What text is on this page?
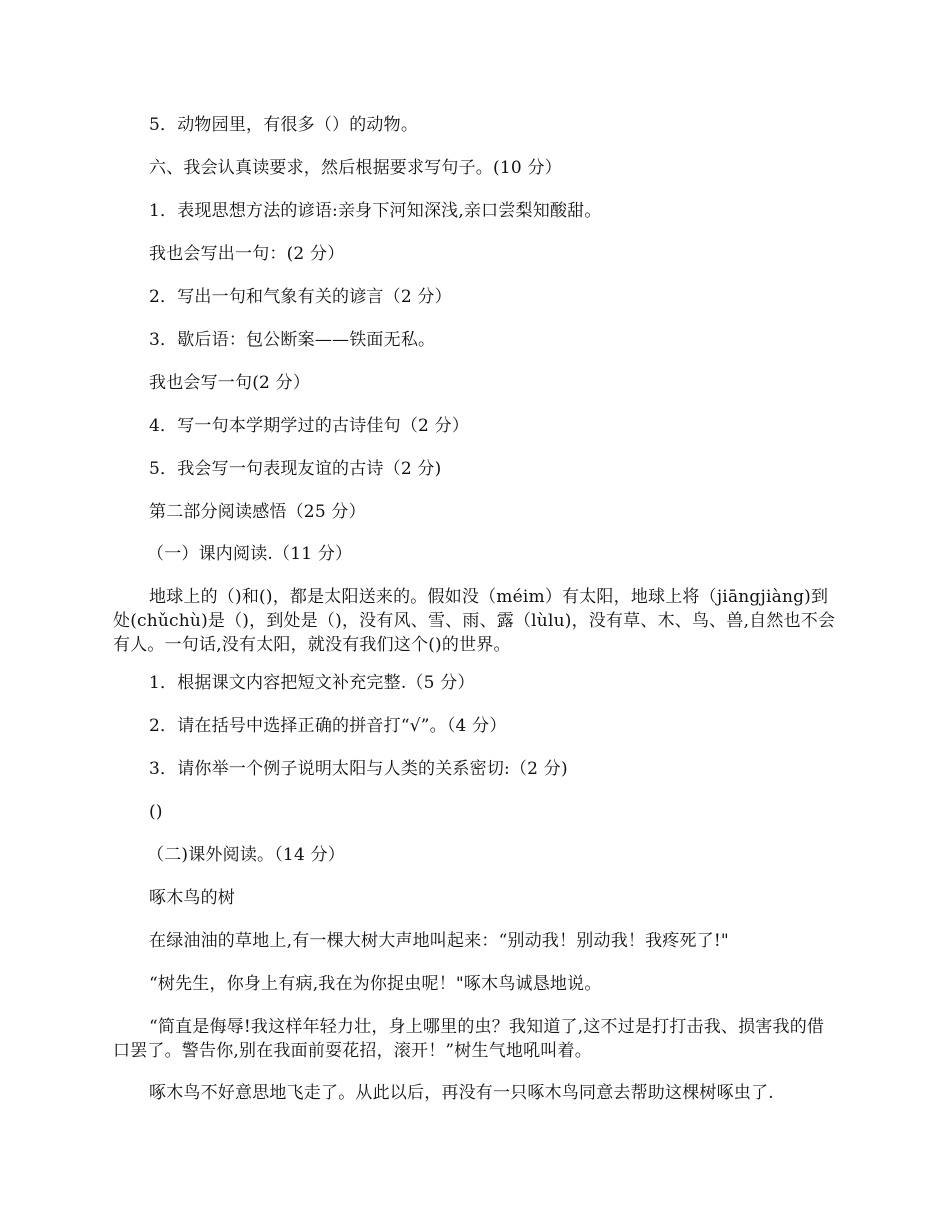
5．动物园里，有很多（）的动物。
六、我会认真读要求，然后根据要求写句子。(10 分）
1．表现思想方法的谚语:亲身下河知深浅,亲口尝梨知酸甜。
我也会写出一句：(2 分）
2．写出一句和气象有关的谚言（2 分）
3．歇后语：包公断案——铁面无私。
我也会写一句(2 分）
4．写一句本学期学过的古诗佳句（2 分）
5．我会写一句表现友谊的古诗（2 分)
第二部分阅读感悟（25 分）
（一）课内阅读.（11 分）
地球上的（)和()，都是太阳送来的。假如没（méim）有太阳，地球上将（jiāngjiàng)到处(chǔchù)是（)，到处是（)，没有风、雪、雨、露（lùlu)，没有草、木、鸟、兽,自然也不会有人。一句话,没有太阳，就没有我们这个()的世界。
1．根据课文内容把短文补充完整.（5 分）
2．请在括号中选择正确的拼音打“√”。（4 分）
3．请你举一个例子说明太阳与人类的关系密切:（2 分)
()
（二)课外阅读。（14 分）
啄木鸟的树
在绿油油的草地上,有一棵大树大声地叫起来：“别动我！别动我！我疼死了!"
“树先生，你身上有病,我在为你捉虫呢！"啄木鸟诚恳地说。
“简直是侮辱!我这样年轻力壮，身上哪里的虫？我知道了,这不过是打打击我、损害我的借口罢了。警告你,别在我面前耍花招，滚开！”树生气地吼叫着。
啄木鸟不好意思地飞走了。从此以后，再没有一只啄木鸟同意去帮助这棵树啄虫了.
